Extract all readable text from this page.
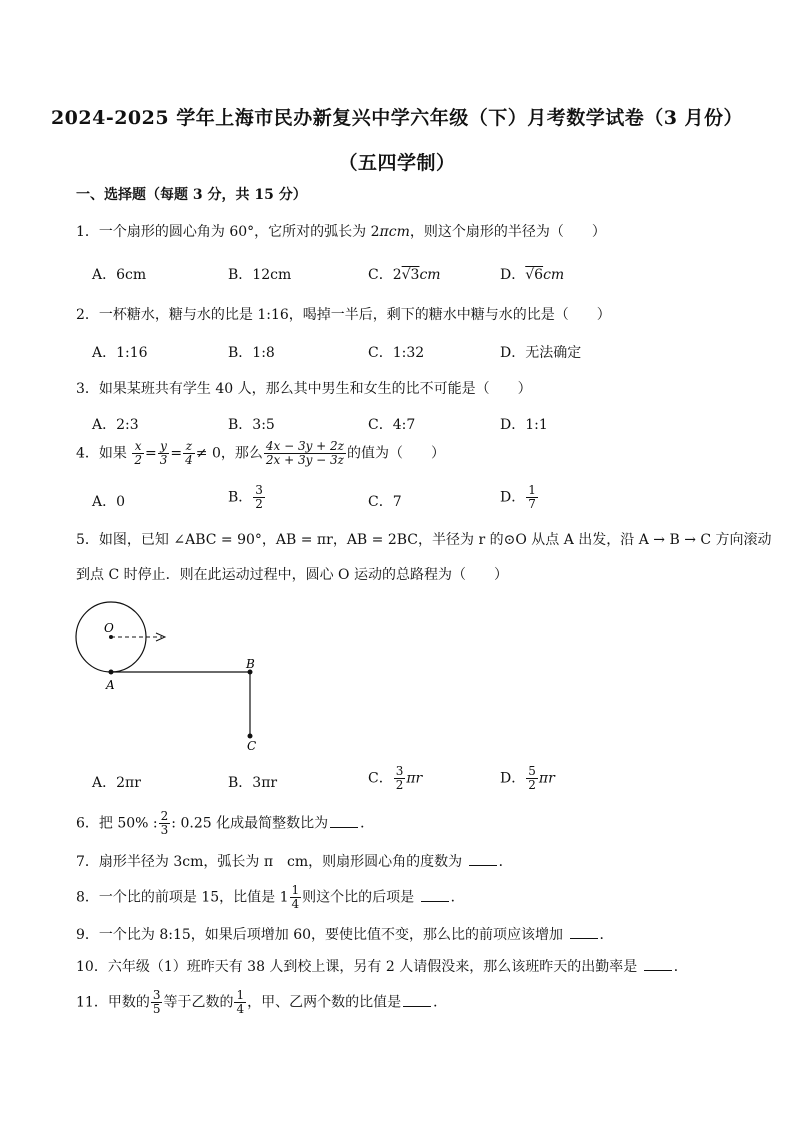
2024-2025 学年上海市民办新复兴中学六年级（下）月考数学试卷（3 月份）
（五四学制）
一、选择题（每题 3 分，共 15 分）
1．一个扇形的圆心角为 60°，它所对的弧长为 2πcm，则这个扇形的半径为（　　）
A．6cm	B．12cm	C．2√3cm	D．√6cm
2．一杯糖水，糖与水的比是 1:16，喝掉一半后，剩下的糖水中糖与水的比是（　　）
A．1:16	B．1:8	C．1:32	D．无法确定
3．如果某班共有学生 40 人，那么其中男生和女生的比不可能是（　　）
A．2:3	B．3:5	C．4:7	D．1:1
4．如果 $\frac{x}{2} = \frac{y}{3} = \frac{z}{4} \ne 0$，那么 $\frac{4x - 3y + 2z}{2x + 3y - 3z}$ 的值为（　　）
A．0	B． $\frac{3}{2}$	C．7	D． $\frac{1}{7}$
5．如图，已知 ∠ABC = 90°，AB = πr，AB = 2BC，半径为 r 的⊙O 从点 A 出发，沿 A → B → C 方向滚动
到点 C 时停止．则在此运动过程中，圆心 O 运动的总路程为（　　）
O
A
B
C
A．2πr	B．3πr	C． $\frac{3}{2}$ πr	D． $\frac{5}{2}$ πr
6．把 50% : $\frac{2}{3}$ : 0.25 化成最简整数比为 ．
7．扇形半径为 3cm，弧长为 π　cm，则扇形圆心角的度数为	．
8．一个比的前项是 15，比值是 $1 \frac{1}{4}$ 则这个比的后项是	．
9．一个比为 8:15，如果后项增加 60，要使比值不变，那么比的前项应该增加	．
10．六年级（1）班昨天有 38 人到校上课，另有 2 人请假没来，那么该班昨天的出勤率是	．
11．甲数的 $\frac{3}{5}$ 等于乙数的 $\frac{1}{4}$ ，甲、乙两个数的比值是 ．
